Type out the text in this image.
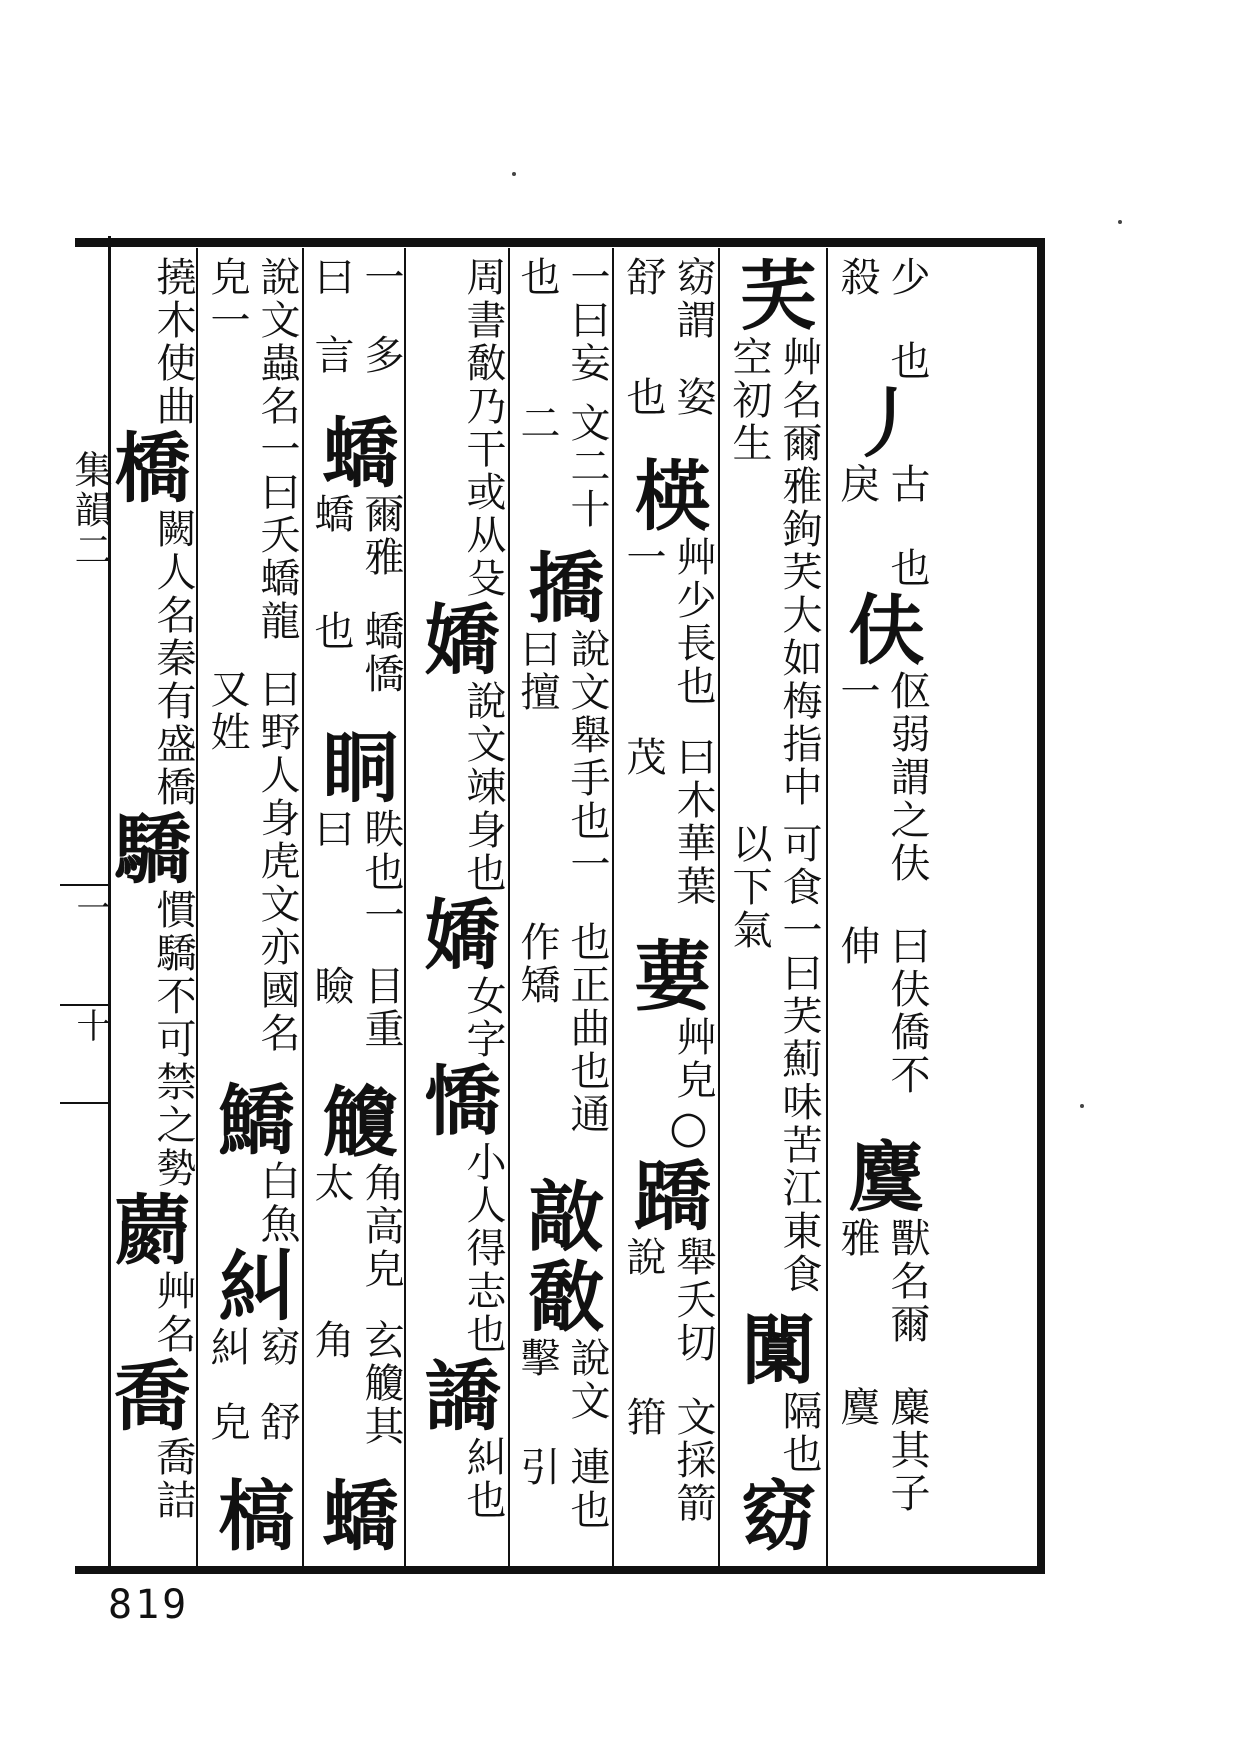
集韻二
一
十
少殺
也
丿
古戾
也
伕
伛弱謂之伕一
曰伕僑不伸
麌
獸名爾雅
麋其子麌
芺
艸名爾雅鉤芺大如梅指中空初生
可食一曰芺薊味苦江東食以下氣
闑
隔
也
窈
窈謂舒
姿也
楧
艸少長也一
曰木華葉茂
葽
艸
皃
○
蹻
舉夭切說
文採箭箝
一曰妄也
文二十二
撟
說文舉手也一曰擅
也正曲也通作矯
㪣
敿
說文擊
連也引
周書敿乃
干或从殳
嬌
說文竦
身也
嬌
女
字
憍
小人得
志也
譑
糾
也
一曰
多言
蟜
爾雅蟜
蟜憍也
眮
眣也一曰
目重瞼
觼
角高皃太
玄觼其角
蟜
說文蟲名一曰夭蟜龍皃一
曰野人身虎文亦國名又姓
鱎
白
魚
糾
窈糾
舒皃
槁
撓木
使曲
橋
闕人名秦
有盛橋
驕
慣驕不可
禁之勢
蘮
艸
名
喬
喬
詰
819
